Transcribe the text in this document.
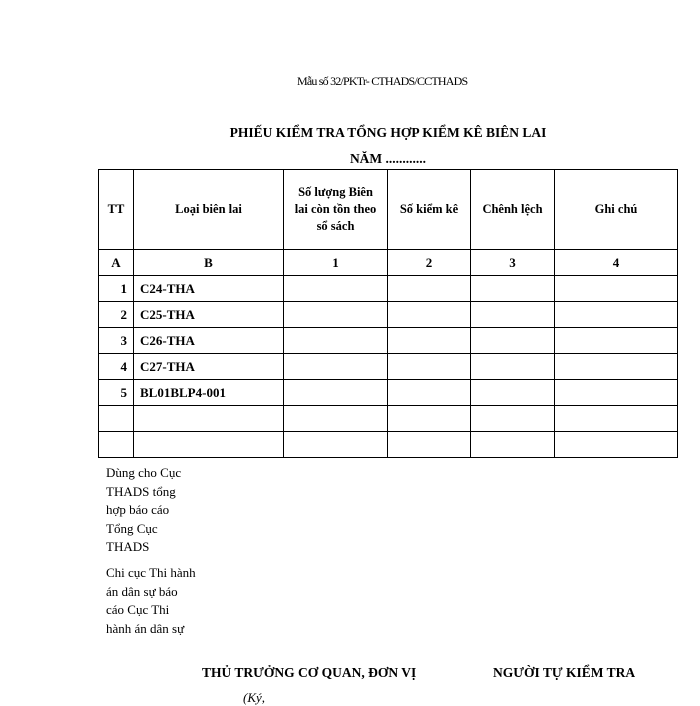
Mẫu số 32/PKTr- CTHADS/CCTHADS
PHIẾU KIỂM TRA TỔNG HỢP KIỂM KÊ BIÊN LAI
NĂM ............
TT	Loại biên lai	Số lượng Biên lai còn tồn theo sổ sách	Số kiểm kê	Chênh lệch	Ghi chú
A	B	1	2	3	4
1	C24-THA				
2	C25-THA				
3	C26-THA				
4	C27-THA				
5	BL01BLP4-001				

Dùng cho Cục THADS tổng hợp báo cáo Tổng Cục THADS
Chi cục Thi hành án dân sự báo cáo Cục Thi hành án dân sự
THỦ TRƯỞNG CƠ QUAN, ĐƠN VỊ
(Ký,
NGƯỜI TỰ KIỂM TRA
